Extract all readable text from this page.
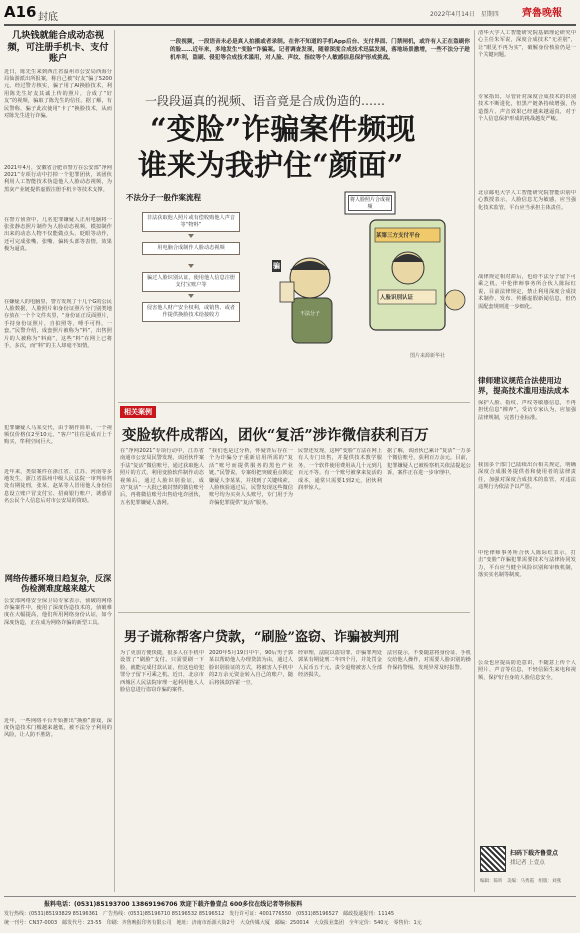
A16 封底	2022年4月14日　星期四 齊魯晚報
几块钱就能合成动态视频，可注册手机卡、支付账户
近日，陈先生来到西江省温州市公安局西海分局仙游派出所报案，称自己被“好友”骗了5200元。经过警方核实，骗子用了AI换脸技术，利用陈先生好友其诚上传的照片，合成了“好友”的视频，骗取了陈先生的信任。据了解，有民警称，骗子此次使用“卡了”换脸技术，从而对陈先生进行诈骗。
2021年4月，安徽省合肥市警方在公安部“净网2021”专项行动中打掉一个犯罪团伙，该团伙利用人工智能技术伪造他人人脸动态视频，为黑灰产业链提供虚假注册手机卡等技术支撑。
在警方侦查中，几名犯罪嫌疑人正用电脑将一张张静态照片制作为人脸动态视频，模拟制作出来的动态人物不仅能做点头、眨眼等动作，还可完成张嘴、张嘴、偏转头部等表情，效果极为逼真。
在嫌疑人的电脑里，警方发现了十几个G的公民人脸数据，人脸照片和身份证照片分门别类地存放在一个个文件夹里，“身份证正反面照片，手持身份证照片，自拍照等，唾手可得，一套。”民警介绍，成套照片被称为“料”，出售照片的人被称为“料商”，这些“料”在网上已将手，多次，而“料”的主人却毫不知情。
犯罪嫌疑人马某交代，由于制作简单，一个视频仅价格仅2至10元，“客户”往往是成百上千购买，牟利空间巨大。
近年来，类似案件在浙江省、江苏、河南等多地发生，浙江省温州中级人民法院一审判举判处有期徒刑，张某，赵某等人冒用他人身份信息设立账户冒支付宝、招商银行账户，诱惑冒名公民个人信息后对市公安局的资助。
网络传播环境日趋复杂，反深伪检测难度越来越大
公安部网络安全保卫局专家表示，侦破的网络诈骗案件中，使用了深度伪造技术的，侦破难度在大幅提高，他们所用网络身份认证，如今深度伪造，正在成为网络诈骗的新型工具。
近年，一些网络平台开始推出“换脸”游戏，深度伪造技术门槛越来越低，被不法分子利用的风险，让人防不胜防。
一段视频，一段语音未必是真人拍摄或者录制。在你不知道的手机App后台、支付界面、门禁闸机，或许有人正在盗刷你的脸……近年来，多地发生“变脸”诈骗案。记者调查发现，随着深度合成技术迅猛发展，落地场景激增，一些不法分子趁机牟利，盗刷、侵犯等合成技术滥用，对人脸、声纹、指纹等个人敏感信息保护形成挑战。
一段段逼真的视频、语音竟是合成伪造的……
“变脸”诈骗案件频现
谁来为我护住“颜面”
不法分子一般作案流程
非法获取他人照片或有偿收购他人声音等“物料”
用电脑合成制作人脸动态视频
骗过人脸识别认证，使用他人信息注册支付宝账户等
侵害他人财产安全权利，或销售、或者作提供换脸技术给接收方
将人脸照片合成视频
某第三方支付平台
人脸识别认证
骗
不法分子
图片来源新华社
清华大学人工智能研究院基础理论研究中心主任朱军说，深度合成技术“无差别”，让“眼见不再为实”，破解身份核验仍是一个关键问题。
专家指出，尽管针对深度合成技术的识别技术不断进化，但黑产链条持续增强，伪造图片、声音效果已经越来越逼真，对于个人信息保护形成的挑战越发严峻。
北京邮电大学人工智能研究院智能识别中心教授表示，人脸信息尤为敏感，应当强化技术监管，平台应当承担主体责任。
战律规定相对滞后，也给不法分子留下可乘之机。中伦律师事务所合伙人陈际红说，目前法律规定，禁止利用深度合成技术制作、发布、传播虚假新闻信息，但仍需配套规则进一步细化。
律师建议规范合法使用边界，提高技术滥用违法成本
保护人脸、指纹、声纹等敏感信息，不再担忧信息“裸奔”。受访专家认为，应加强法律规制，完善行业标准。
我国多个部门已陆续出台相关规定，明确深度合成服务提供者和使用者的法律责任，加强对深度合成技术的监管，对违法违规行为依法予以严惩。
中伦律师事务所合伙人陈际红表示，打击“变脸”诈骗犯罪需要技术与法律协同发力，平台应当健全风险识别和审核机制，落实实名制等制度。
公众也应提高防范意识，不随意上传个人照片、声音等信息，不轻信陌生来电和视频，保护好自身的人脸信息安全。
相关案例
变脸软件成帮凶，团伙“复活”涉诈微信获利百万
在“净网2021”专项行动中，江苏省南通市公安局民警发现，该团伙作案手法“复活”微信账号，通过获取他人照片的方式，利用变脸软件制作动态视频后，通过人脸识别验证，成功“复活”一大批已被封禁的微信账号后，再将微信账号出售给电诈团伙，五名犯罪嫌疑人落网。
“我们也是过分析，怀疑背后存在一个为诈骗分子重新启用所需的“复活”账号而提供服务的黑色产业链。”民警说。专案组把突破重点锁定嫌疑人李某某，并找到了关键线索。人脸核验通过后，民警发现这些微信账号均为买卖人头账号，专门用于为诈骗犯罪提供“复活”服务。
民警还发现，这种“变脸”方法在网上有人专门出售，并提供技术教学服务，一个软件使用费用从几十元到几百元不等。有一个账号被拿来复活的成本，通常只需要1到2元，团伙利润率惊人。
据了解，该团伙已累计“复活”一万多个微信账号，获利百万余元。目前，犯罪嫌疑人已被检察机关依法提起公诉，案件正在进一步审理中。
男子谎称帮客户贷款，“刷脸”盗窃、诈骗被判刑
为了更加方便快捷，很多人在手机中设置了“刷脸”支付。只需要刷一下脸，就能完成付款认证，但这也给犯罪分子留下可乘之机。近日，北京市西城区人民法院审理一起利用他人人脸信息进行盗窃诈骗的案件。
2020年5月19日中午，90后男子郭某以帮助他人办理贷款为由，通过人脸识别验证的方式，将被害人手机中的2万余元资金转入自己的账户，随后将钱款挥霍一空。
经审理，法院以盗窃罪、诈骗罪判处郭某有期徒刑二年四个月，并处罚金人民币五千元，责令退赔被害人全部经济损失。
法官提示，不要随意将身份证、手机交给他人操作，对需要人脸识别的操作保持警惕，发现异常及时报警。
扫码下载齐鲁壹点
找记者 上壹点
编辑：陈昕　美编：马秀霞　组版：刘燕
报料电话：(0531)85193700 13869196706 欢迎下载齐鲁壹点 600多位在线记者等你报料
发行热线：(0531)85193829 85196361　广告热线：(0531)85196710 85196532 85196512　发行许可证：4001776550　(0531)85196527　邮政投递报刊：11145
统一刊号：CN37-0003　邮发代号：23-55　印刷：齐鲁晚报印务有限公司　地址：济南市泺源大街2号　大众传媒大厦　邮编：250014　大众报业集团　全年定价：540元　零售价：1元
